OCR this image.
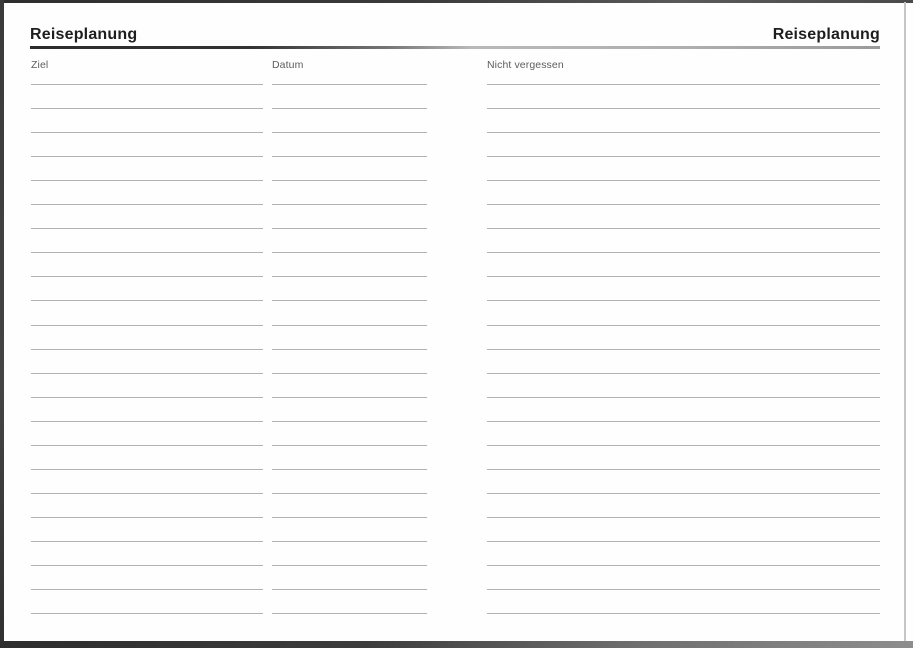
Reiseplanung	Reiseplanung
Ziel	Datum	Nicht vergessen
